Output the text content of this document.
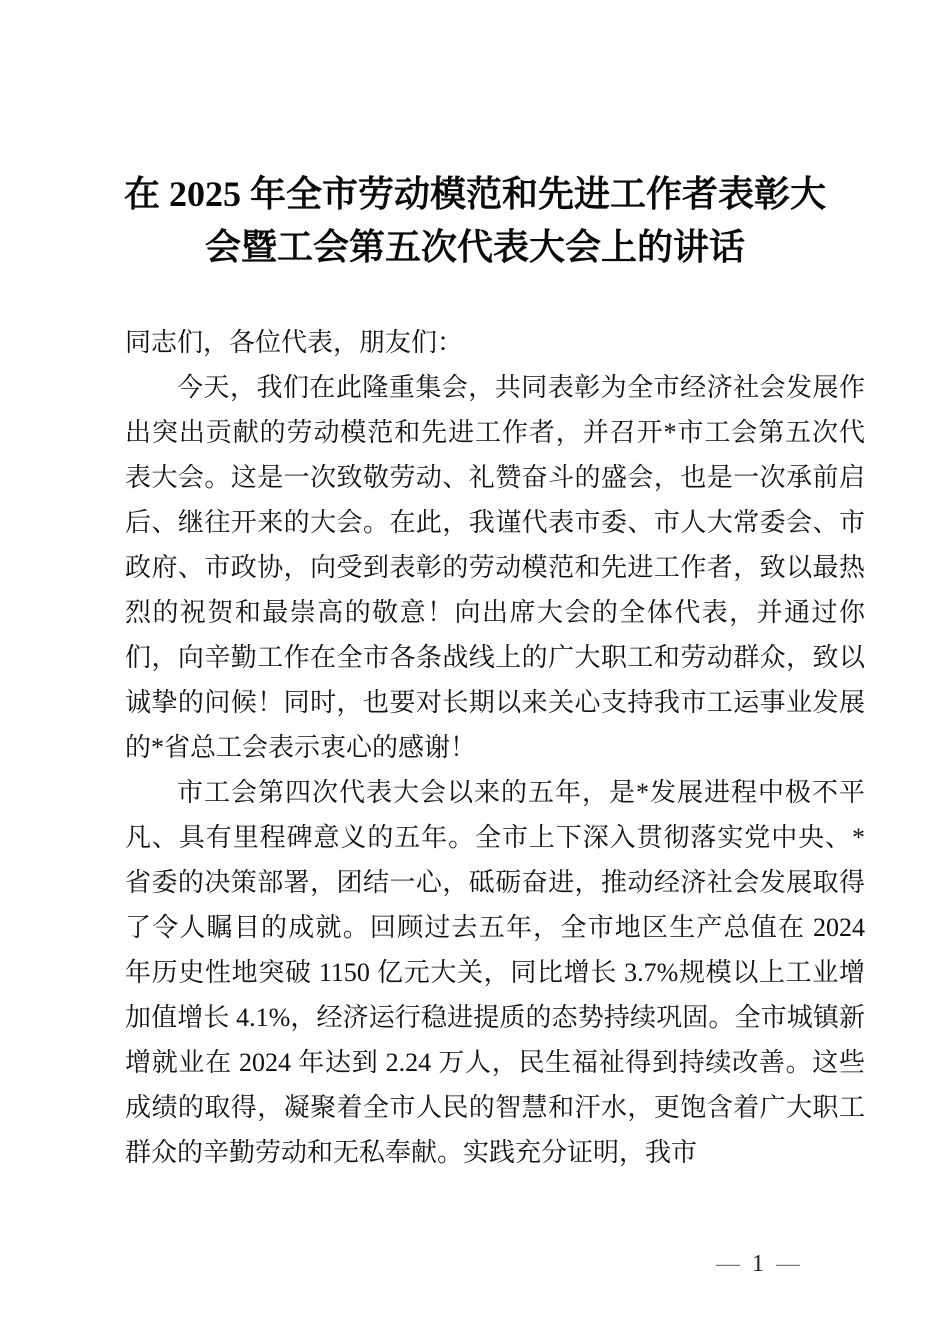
在 2025 年全市劳动模范和先进工作者表彰大
会暨工会第五次代表大会上的讲话

同志们，各位代表，朋友们：

今天，我们在此隆重集会，共同表彰为全市经济社会发展作出突出贡献的劳动模范和先进工作者，并召开*市工会第五次代表大会。这是一次致敬劳动、礼赞奋斗的盛会，也是一次承前启后、继往开来的大会。在此，我谨代表市委、市人大常委会、市政府、市政协，向受到表彰的劳动模范和先进工作者，致以最热烈的祝贺和最崇高的敬意！向出席大会的全体代表，并通过你们，向辛勤工作在全市各条战线上的广大职工和劳动群众，致以诚挚的问候！同时，也要对长期以来关心支持我市工运事业发展的*省总工会表示衷心的感谢！

市工会第四次代表大会以来的五年，是*发展进程中极不平凡、具有里程碑意义的五年。全市上下深入贯彻落实党中央、*省委的决策部署，团结一心，砥砺奋进，推动经济社会发展取得了令人瞩目的成就。回顾过去五年，全市地区生产总值在 2024 年历史性地突破 1150 亿元大关，同比增长 3.7%规模以上工业增加值增长 4.1%，经济运行稳进提质的态势持续巩固。全市城镇新增就业在 2024 年达到 2.24 万人，民生福祉得到持续改善。这些成绩的取得，凝聚着全市人民的智慧和汗水，更饱含着广大职工群众的辛勤劳动和无私奉献。实践充分证明，我市

— 1 —
